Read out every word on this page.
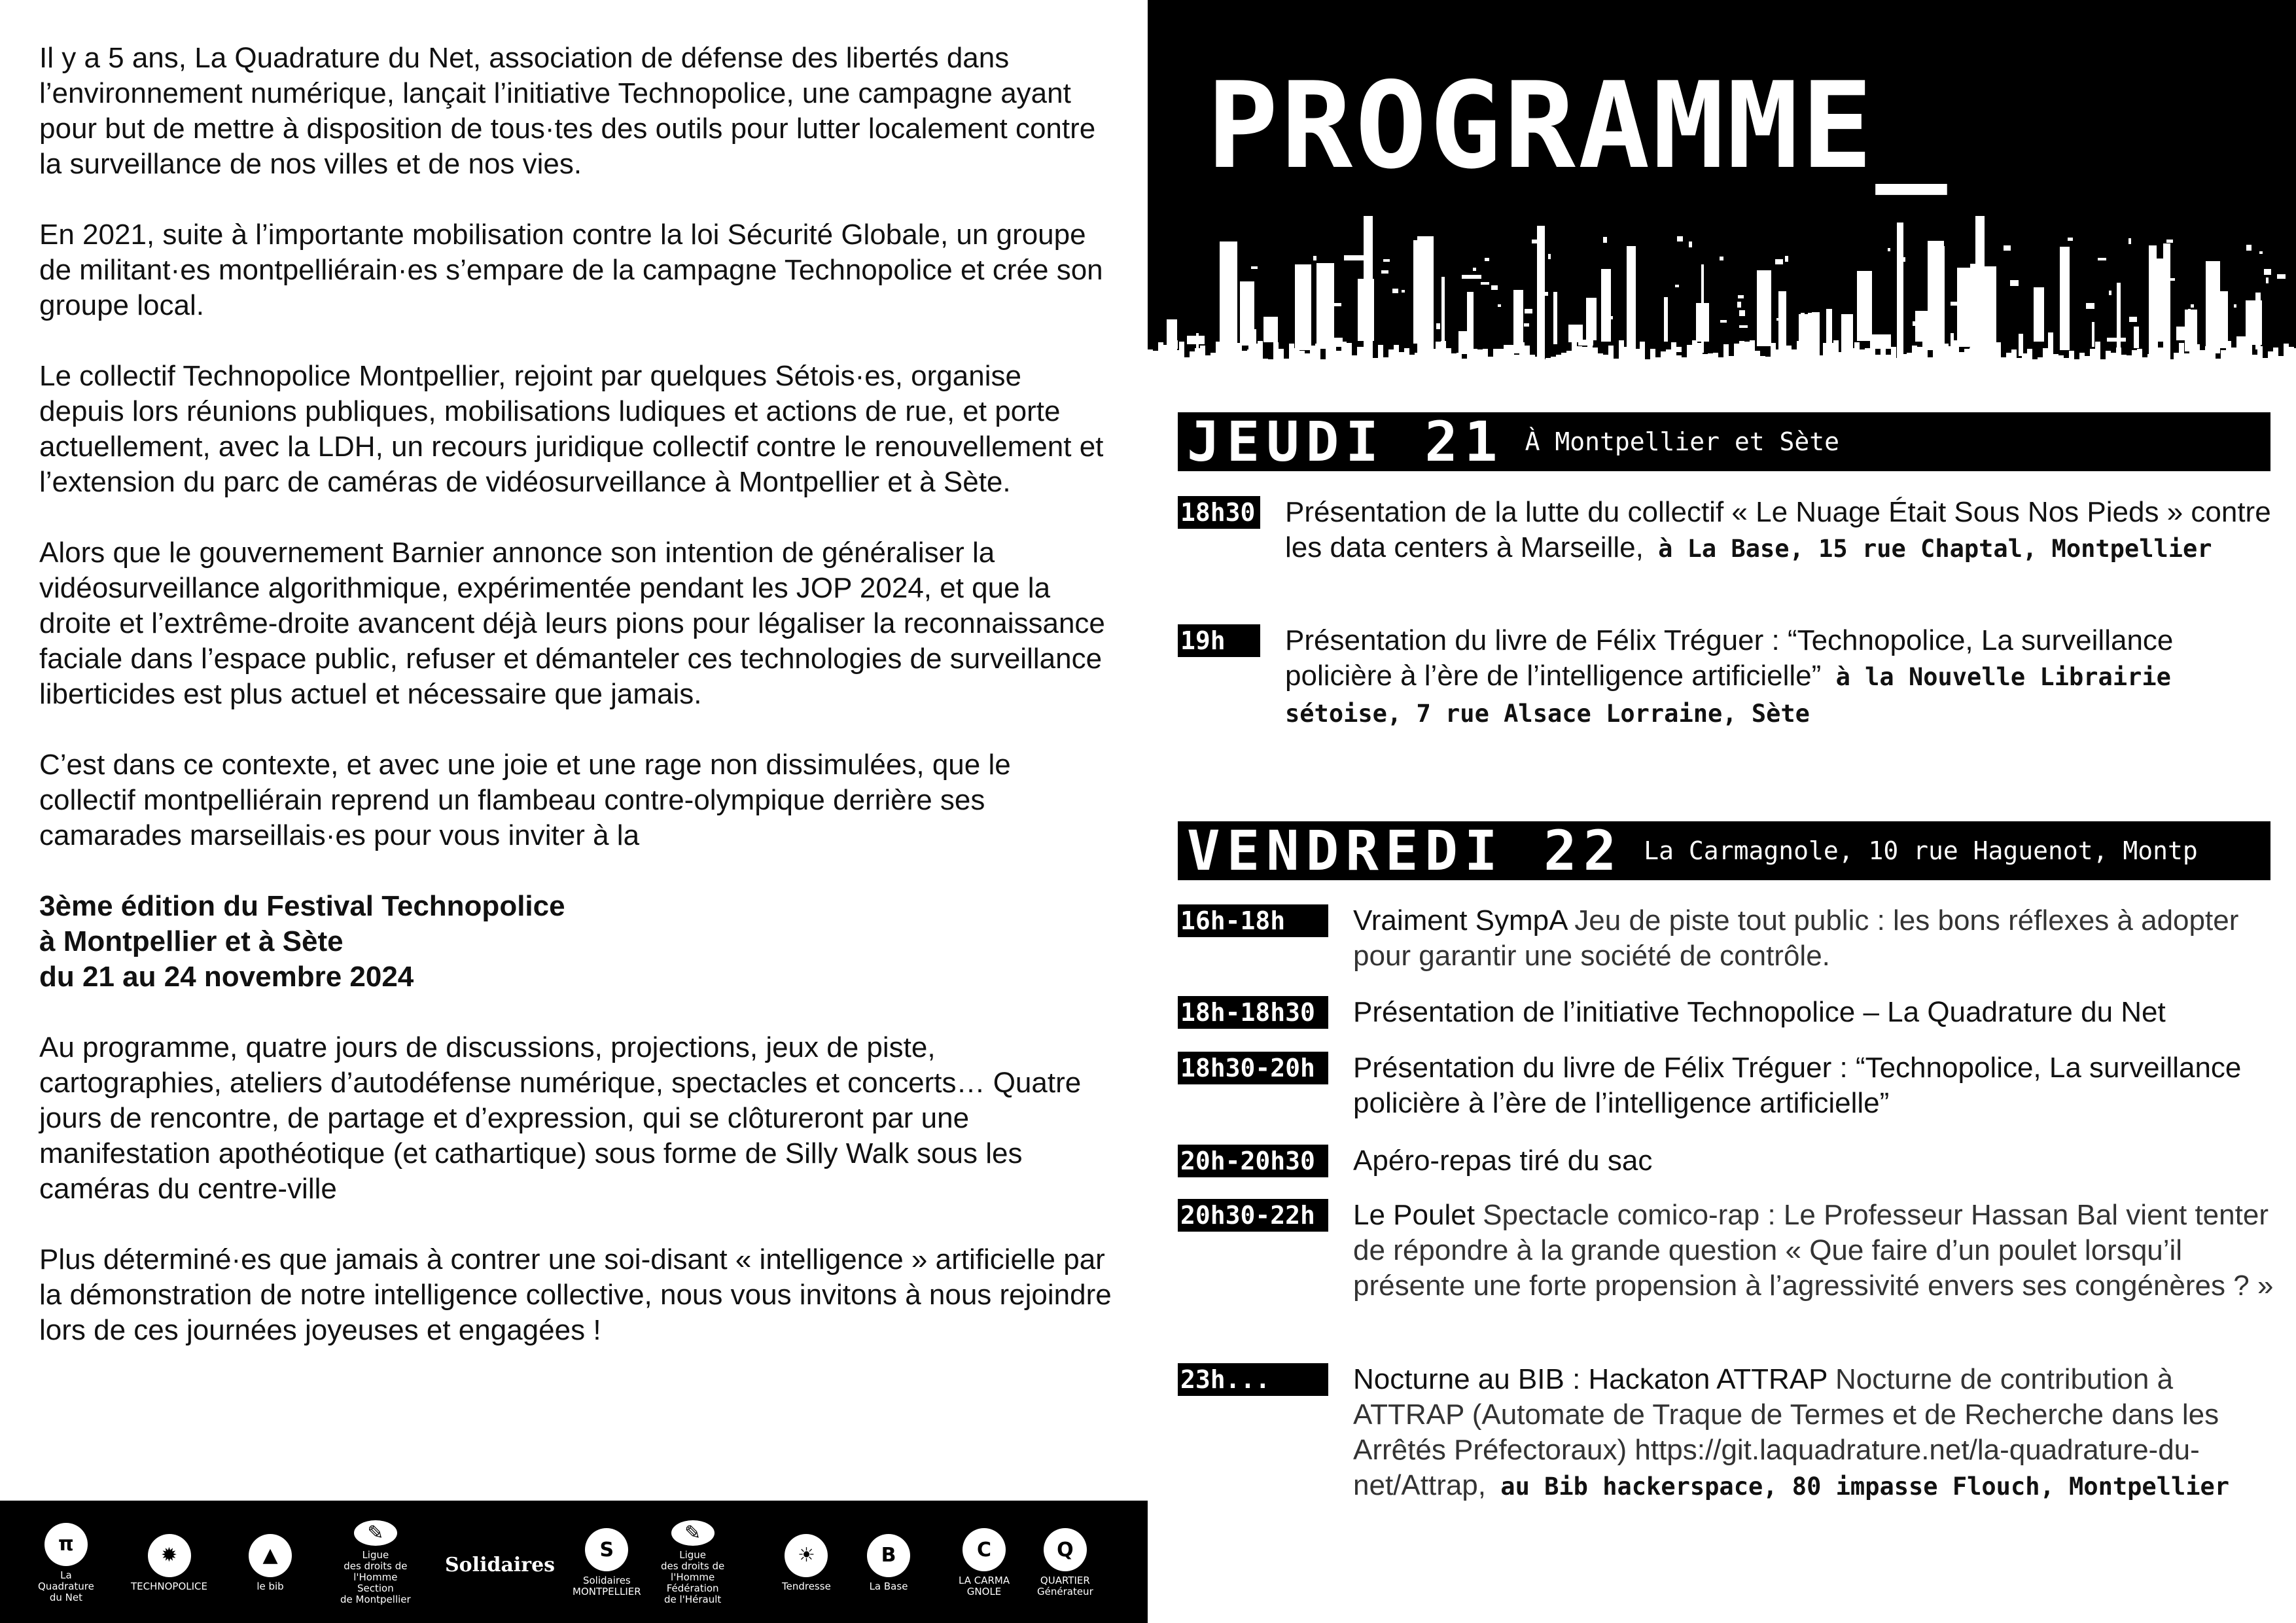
Il y a 5 ans, La Quadrature du Net, association de défense des libertés dans l’environnement numérique, lançait l’initiative Technopolice, une campagne ayant pour but de mettre à disposition de tous·tes des outils pour lutter localement contre la surveillance de nos villes et de nos vies.

En 2021, suite à l’importante mobilisation contre la loi Sécurité Globale, un groupe de militant·es montpelliérain·es s’empare de la campagne Technopolice et crée son groupe local.

Le collectif Technopolice Montpellier, rejoint par quelques Sétois·es, organise depuis lors réunions publiques, mobilisations ludiques et actions de rue, et porte actuellement, avec la LDH, un recours juridique collectif contre le renouvellement et l’extension du parc de caméras de vidéosurveillance à Montpellier et à Sète.

Alors que le gouvernement Barnier annonce son intention de généraliser la vidéosurveillance algorithmique, expérimentée pendant les JOP 2024, et que la droite et l’extrême-droite avancent déjà leurs pions pour légaliser la reconnaissance faciale dans l’espace public, refuser et démanteler ces technologies de surveillance liberticides est plus actuel et nécessaire que jamais.

C’est dans ce contexte, et avec une joie et une rage non dissimulées, que le collectif montpelliérain reprend un flambeau contre-olympique derrière ses camarades marseillais·es pour vous inviter à la

3ème édition du Festival Technopolice
à Montpellier et à Sète
du 21 au 24 novembre 2024

Au programme, quatre jours de discussions, projections, jeux de piste, cartographies, ateliers d’autodéfense numérique, spectacles et concerts… Quatre jours de rencontre, de partage et d’expression, qui se clôtureront par une manifestation apothéotique (et cathartique) sous forme de Silly Walk sous les caméras du centre-ville

Plus déterminé·es que jamais à contrer une soi-disant « intelligence » artificielle par la démonstration de notre intelligence collective, nous vous invitons à nous rejoindre lors de ces journées joyeuses et engagées !

π
La
Quadrature
du Net
✹
TECHNOPOLICE
▲
le bib
✎
Ligue
des droits de
l'Homme
Section
de Montpellier
Solidaires
S
Solidaires
MONTPELLIER
✎
Ligue
des droits de
l'Homme
Fédération
de l'Hérault
☀
Tendresse
B
La Base
C
LA CARMA
GNOLE
Q
QUARTIER
Générateur
PROGRAMME_
JEUDI 21 À Montpellier et Sète
18h30 Présentation de la lutte du collectif « Le Nuage Était Sous Nos Pieds » contre les data centers à Marseille, à La Base, 15 rue Chaptal, Montpellier
19h	Présentation du livre de Félix Tréguer : “Technopolice, La surveillance policière à l’ère de l’intelligence artificielle” à la Nouvelle Librairie sétoise, 7 rue Alsace Lorraine, Sète
VENDREDI 22 La Carmagnole, 10 rue Haguenot, Montp
16h-18h	Vraiment SympA Jeu de piste tout public : les bons réflexes à adopter pour garantir une société de contrôle.
18h-18h30	Présentation de l’initiative Technopolice – La Quadrature du Net
18h30-20h	Présentation du livre de Félix Tréguer : “Technopolice, La surveillance policière à l’ère de l’intelligence artificielle”
20h-20h30	Apéro-repas tiré du sac
20h30-22h	Le Poulet Spectacle comico-rap : Le Professeur Hassan Bal vient tenter de répondre à la grande question « Que faire d’un poulet lorsqu’il présente une forte propension à l’agressivité envers ses congénères ? »
23h...	Nocturne au BIB : Hackaton ATTRAP Nocturne de contribution à ATTRAP (Automate de Traque de Termes et de Recherche dans les Arrêtés Préfectoraux) https://git.laquadrature.net/la-quadrature-du-net/Attrap, au Bib hackerspace, 80 impasse Flouch, Montpellier
